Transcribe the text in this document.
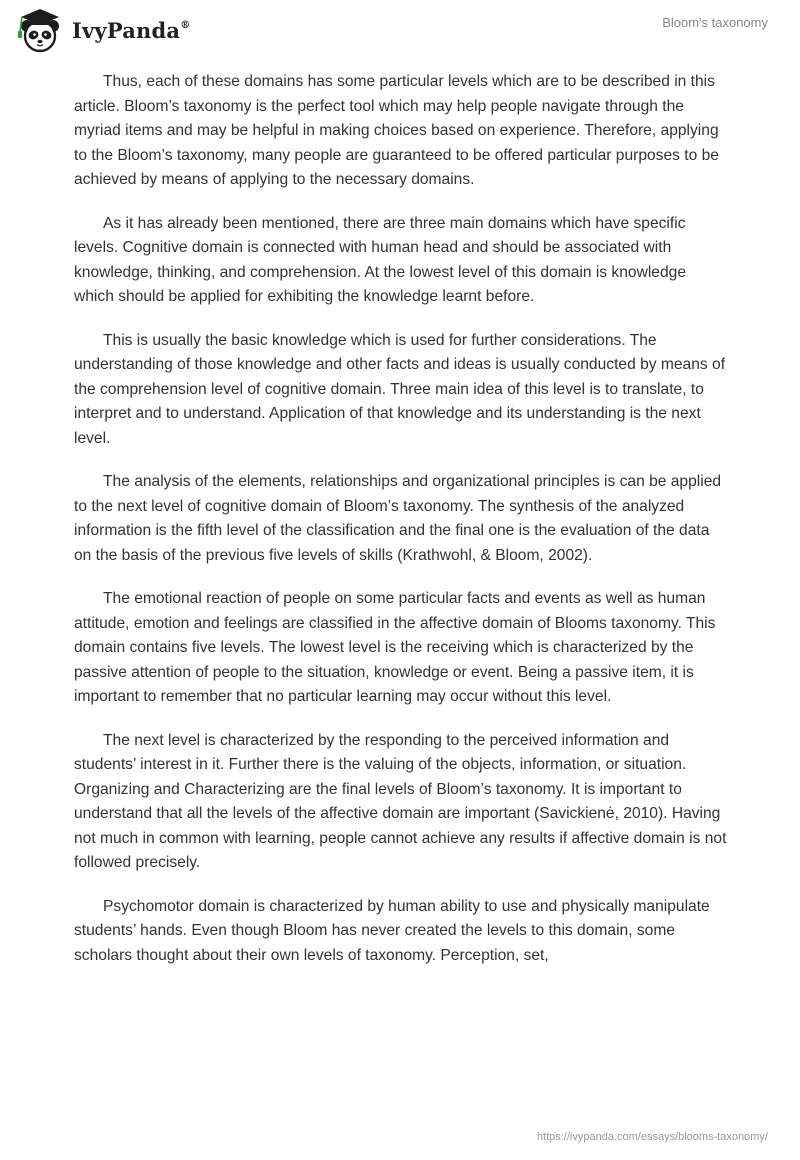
IvyPanda®	Bloom's taxonomy

Thus, each of these domains has some particular levels which are to be described in this article. Bloom’s taxonomy is the perfect tool which may help people navigate through the myriad items and may be helpful in making choices based on experience. Therefore, applying to the Bloom’s taxonomy, many people are guaranteed to be offered particular purposes to be achieved by means of applying to the necessary domains.

As it has already been mentioned, there are three main domains which have specific levels. Cognitive domain is connected with human head and should be associated with knowledge, thinking, and comprehension. At the lowest level of this domain is knowledge which should be applied for exhibiting the knowledge learnt before.

This is usually the basic knowledge which is used for further considerations. The understanding of those knowledge and other facts and ideas is usually conducted by means of the comprehension level of cognitive domain. Three main idea of this level is to translate, to interpret and to understand. Application of that knowledge and its understanding is the next level.

The analysis of the elements, relationships and organizational principles is can be applied to the next level of cognitive domain of Bloom’s taxonomy. The synthesis of the analyzed information is the fifth level of the classification and the final one is the evaluation of the data on the basis of the previous five levels of skills (Krathwohl, & Bloom, 2002).

The emotional reaction of people on some particular facts and events as well as human attitude, emotion and feelings are classified in the affective domain of Blooms taxonomy. This domain contains five levels. The lowest level is the receiving which is characterized by the passive attention of people to the situation, knowledge or event. Being a passive item, it is important to remember that no particular learning may occur without this level.

The next level is characterized by the responding to the perceived information and students’ interest in it. Further there is the valuing of the objects, information, or situation. Organizing and Characterizing are the final levels of Bloom’s taxonomy. It is important to understand that all the levels of the affective domain are important (Savickienė, 2010). Having not much in common with learning, people cannot achieve any results if affective domain is not followed precisely.

Psychomotor domain is characterized by human ability to use and physically manipulate students’ hands. Even though Bloom has never created the levels to this domain, some scholars thought about their own levels of taxonomy. Perception, set,

https://ivypanda.com/essays/blooms-taxonomy/
